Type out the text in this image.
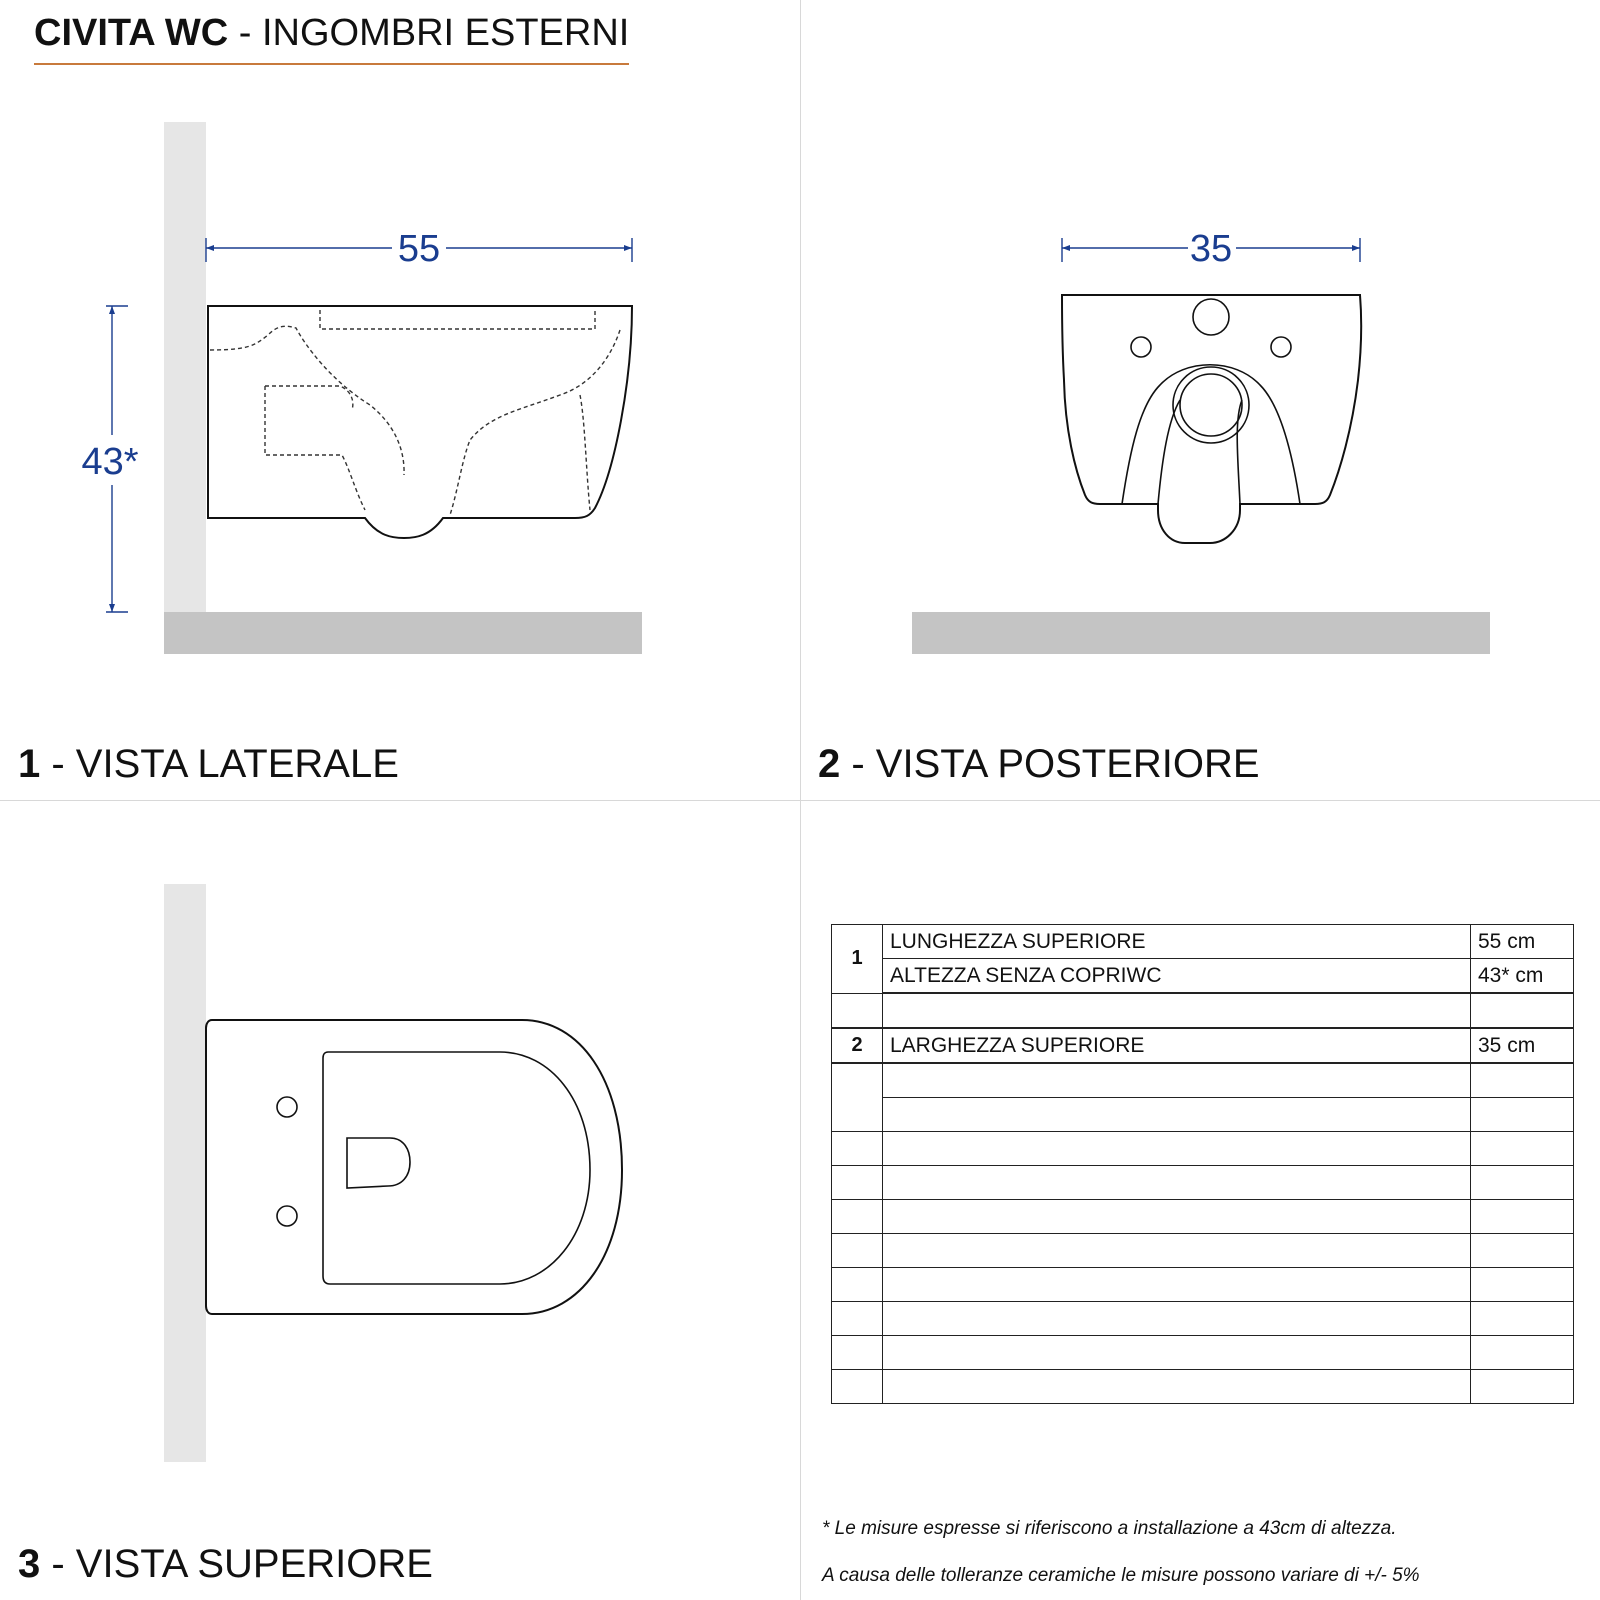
CIVITA WC - INGOMBRI ESTERNI
55
43*
1 - VISTA LATERALE
35
2 - VISTA POSTERIORE
3 - VISTA SUPERIORE
1	LUNGHEZZA SUPERIORE	55 cm
	ALTEZZA SENZA COPRIWC	43* cm

2	LARGHEZZA SUPERIORE	35 cm

* Le misure espresse si riferiscono a installazione a 43cm di altezza.
A causa delle tolleranze ceramiche le misure possono variare di +/- 5%
